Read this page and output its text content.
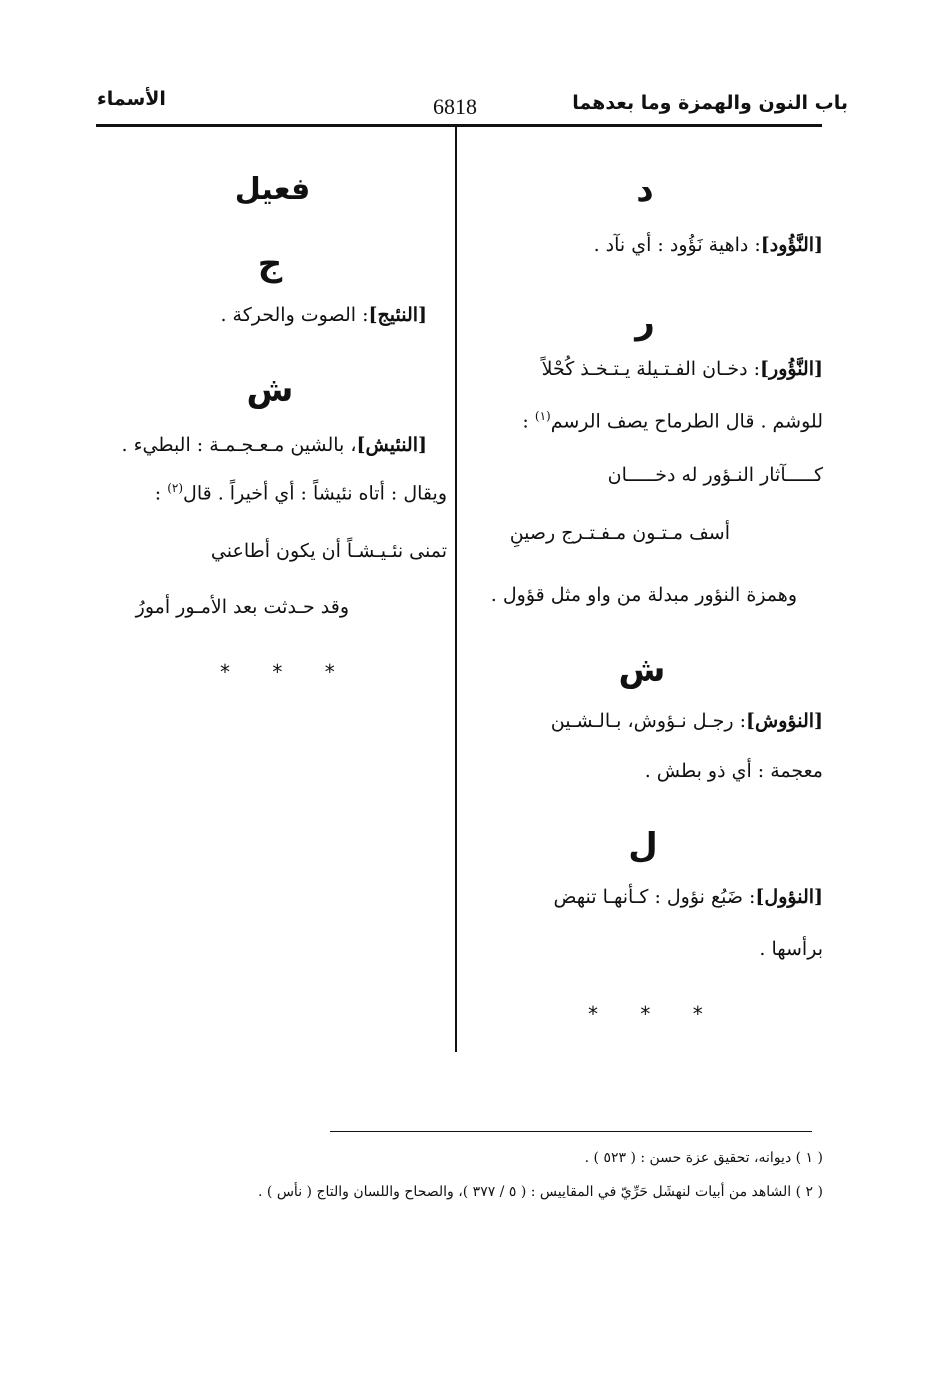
الأسماء	6818	باب النون والهمزة وما بعدهما
د
[النَّؤُود]: داهية نَؤُود : أي نآد .
ر
[النَّؤُور]: دخـان الفـتـيلة يـتـخـذ كُحْلاً
للوشم . قال الطرماح يصف الرسم$^{(١)}$ :
كـــــآثار النـؤور له دخـــــان
أسف مـتـون مـفـتـرج رصينِ
وهمزة النؤور مبدلة من واو مثل قؤول .
ش
[النؤوش]: رجـل نـؤوش، بـالـشـين
معجمة : أي ذو بطش .
ل
[النؤول]: ضَبُع نؤول : كـأنهـا تنهض
برأسها .
* * *
فعيل
ج
[النئيج]: الصوت والحركة .
ش
[النئيش]، بالشين مـعـجـمـة : البطيء .
ويقال : أتاه نئيشاً : أي أخيراً . قال$^{(٢)}$ :
تمنى نئـيـشـاً أن يكون أطاعني
وقد حـدثت بعد الأمـور أمورُ
* * *
( ١ ) ديوانه، تحقيق عزة حسن : ( ٥٢٣ ) .
( ٢ ) الشاهد من أبيات لنهشَل حَرِّيّ في المقاييس : ( ٥ / ٣٧٧ )، والصحاح واللسان والتاج ( نأس ) .
